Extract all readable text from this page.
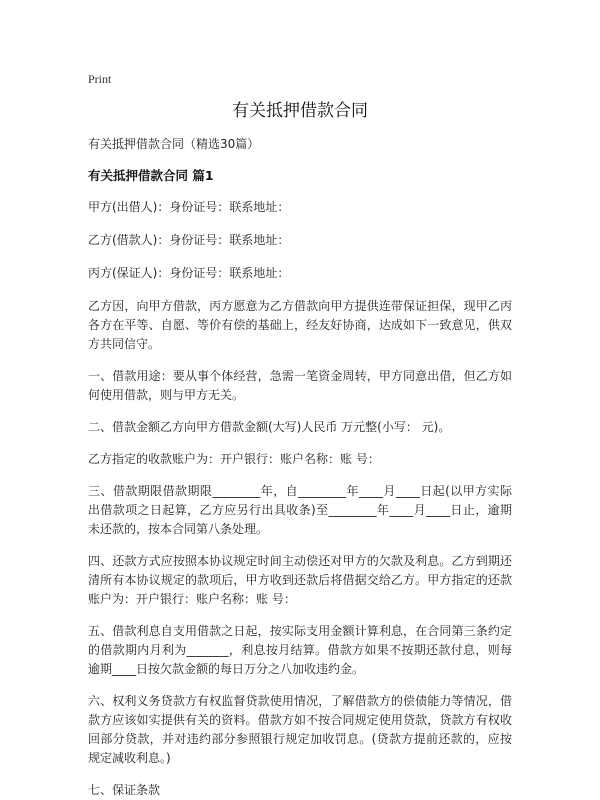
Print
有关抵押借款合同
有关抵押借款合同（精选30篇）
有关抵押借款合同 篇1

甲方(出借人)：身份证号：联系地址：

乙方(借款人)：身份证号：联系地址：

丙方(保证人)：身份证号：联系地址：

乙方因，向甲方借款，丙方愿意为乙方借款向甲方提供连带保证担保，现甲乙丙各方在平等、自愿、等价有偿的基础上，经友好协商，达成如下一致意见，供双方共同信守。

一、借款用途：要从事个体经营，急需一笔资金周转，甲方同意出借，但乙方如何使用借款，则与甲方无关。

二、借款金额乙方向甲方借款金额(大写)人民币 万元整(小写： 元)。

乙方指定的收款账户为：开户银行：账户名称：账 号：

三、借款期限借款期限________年，自________年____月____日起(以甲方实际出借款项之日起算，乙方应另行出具收条)至________年____月____日止，逾期未还款的，按本合同第八条处理。

四、还款方式应按照本协议规定时间主动偿还对甲方的欠款及利息。乙方到期还清所有本协议规定的款项后，甲方收到还款后将借据交给乙方。甲方指定的还款账户为：开户银行：账户名称：账 号：

五、借款利息自支用借款之日起，按实际支用金额计算利息，在合同第三条约定的借款期内月利为_______，利息按月结算。借款方如果不按期还款付息，则每逾期____日按欠款金额的每日万分之八加收违约金。

六、权利义务贷款方有权监督贷款使用情况，了解借款方的偿债能力等情况，借款方应该如实提供有关的资料。借款方如不按合同规定使用贷款，贷款方有权收回部分贷款，并对违约部分参照银行规定加收罚息。(贷款方提前还款的，应按规定减收利息。)

七、保证条款
